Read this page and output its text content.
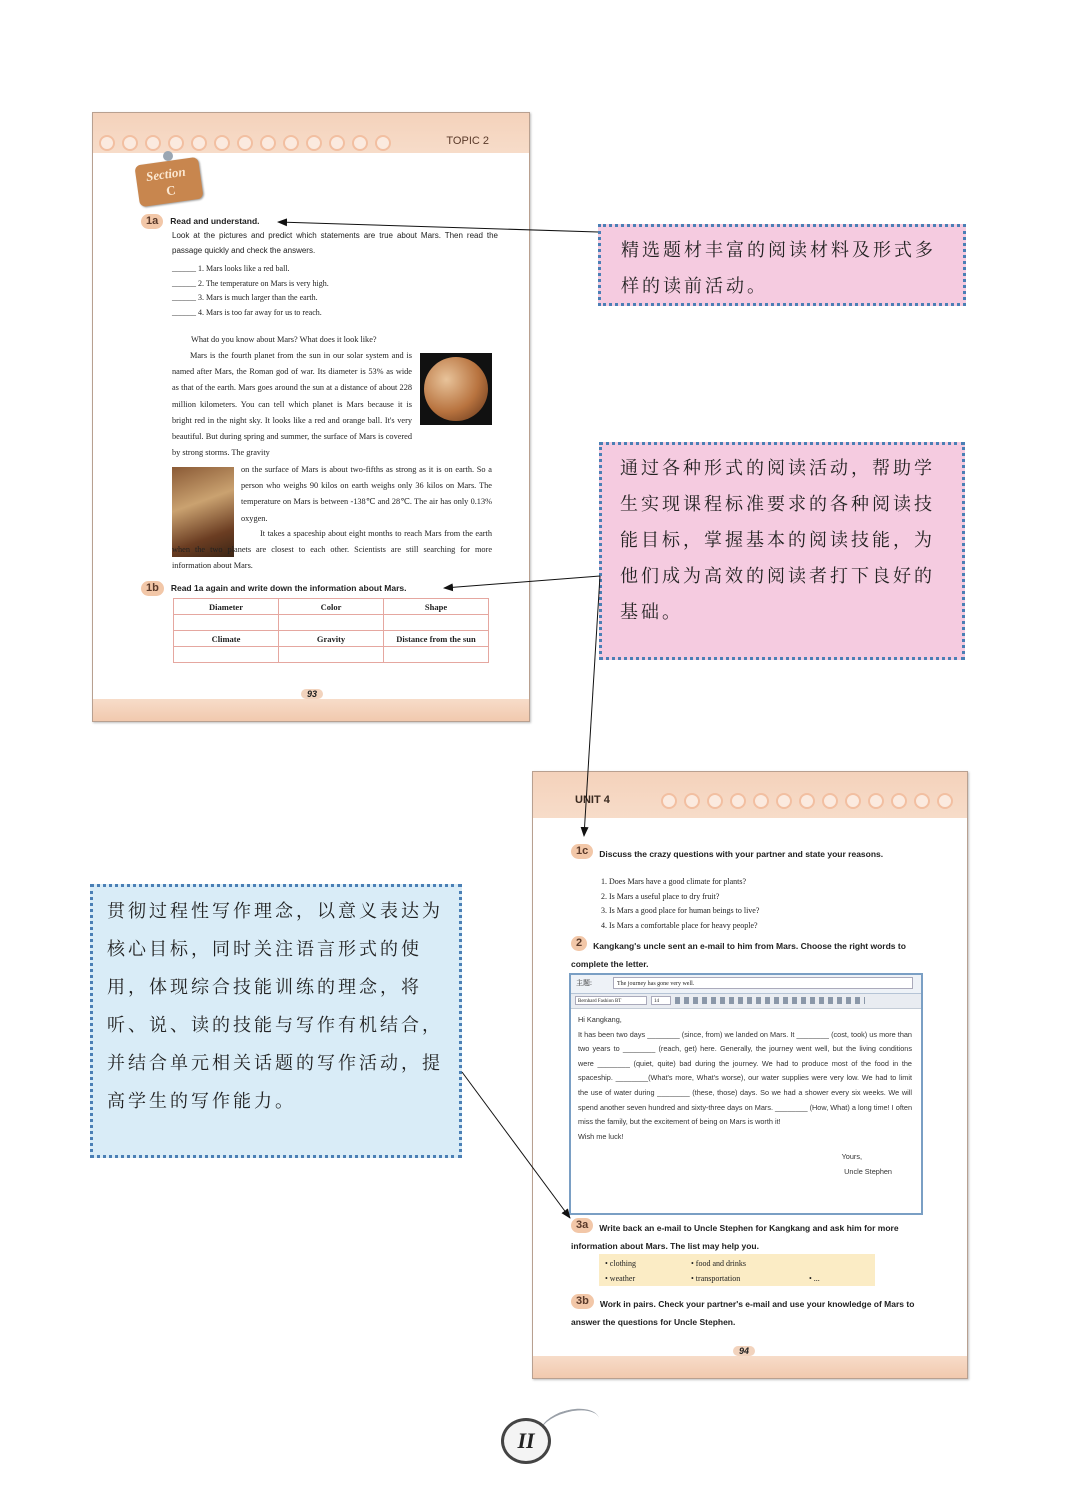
TOPIC 2
Section
C
1a Read and understand.
Look at the pictures and predict which statements are true about Mars. Then read the passage quickly and check the answers.
______ 1. Mars looks like a red ball.
______ 2. The temperature on Mars is very high.
______ 3. Mars is much larger than the earth.
______ 4. Mars is too far away for us to reach.
What do you know about Mars? What does it look like?
Mars is the fourth planet from the sun in our solar system and is named after Mars, the Roman god of war. Its diameter is 53% as wide as that of the earth. Mars goes around the sun at a distance of about 228 million kilometers. You can tell which planet is Mars because it is bright red in the night sky. It looks like a red and orange ball. It's very beautiful. But during spring and summer, the surface of Mars is covered by strong storms. The gravity
on the surface of Mars is about two-fifths as strong as it is on earth. So a person who weighs 90 kilos on earth weighs only 36 kilos on Mars. The temperature on Mars is between -138℃ and 28℃. The air has only 0.13% oxygen.
It takes a spaceship about eight months to reach Mars from the earth when the two planets are closest to each other. Scientists are still searching for more information about Mars.
1b Read 1a again and write down the information about Mars.
Diameter	Color	Shape

Climate	Gravity	Distance from the sun

93
UNIT 4
1c	Discuss the crazy questions with your partner and state your reasons.
1. Does Mars have a good climate for plants?
2. Is Mars a useful place to dry fruit?
3. Is Mars a good place for human beings to live?
4. Is Mars a comfortable place for heavy people?
2	Kangkang's uncle sent an e-mail to him from Mars. Choose the right words to complete the letter.
主题:	The journey has gone very well.
Bernhard Fashion BT	14
Hi Kangkang,
It has been two days ________ (since, from) we landed on Mars. It ________ (cost, took) us more than two years to ________ (reach, get) here. Generally, the journey went well, but the living conditions were ________ (quiet, quite) bad during the journey. We had to produce most of the food in the spaceship. ________(What's more, What's worse), our water supplies were very low. We had to limit the use of water during ________ (these, those) days. So we had a shower every six weeks. We will spend another seven hundred and sixty-three days on Mars. ________ (How, What) a long time! I often miss the family, but the excitement of being on Mars is worth it!
Wish me luck!
Yours,
Uncle Stephen
3a	Write back an e-mail to Uncle Stephen for Kangkang and ask him for more information about Mars. The list may help you.
• clothing	• food and drinks
• weather	• transportation	• ...
3b	Work in pairs. Check your partner's e-mail and use your knowledge of Mars to answer the questions for Uncle Stephen.
94

精选题材丰富的阅读材料及形式多样的读前活动。

通过各种形式的阅读活动，帮助学生实现课程标准要求的各种阅读技能目标，掌握基本的阅读技能，为他们成为高效的阅读者打下良好的基础。

贯彻过程性写作理念，以意义表达为核心目标，同时关注语言形式的使用，体现综合技能训练的理念，将听、说、读的技能与写作有机结合，并结合单元相关话题的写作活动，提高学生的写作能力。

II
